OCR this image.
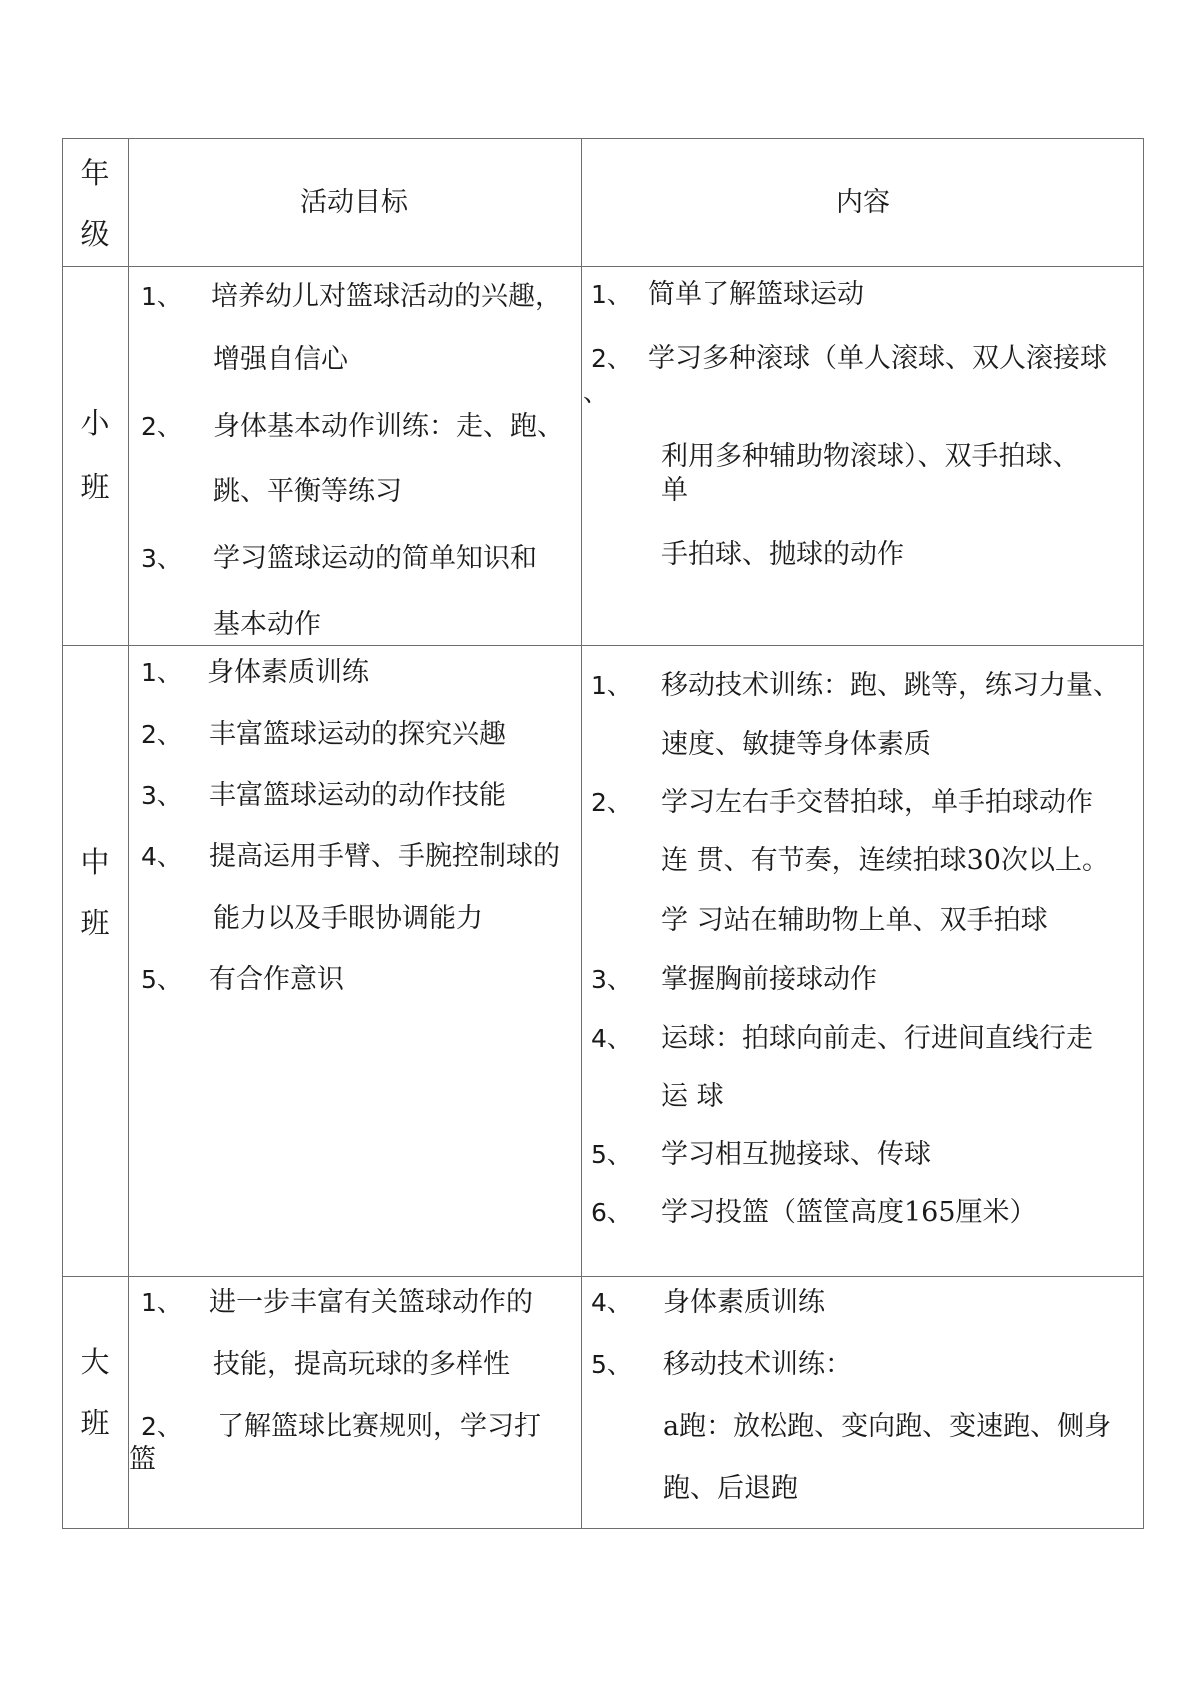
年
级
活动目标	内容
小
班
1、 培养幼儿对篮球活动的兴趣，
增强自信心
2、 身体基本动作训练：走、跑、
跳、平衡等练习
3、 学习篮球运动的简单知识和
基本动作
1、 简单了解篮球运动
2、 学习多种滚球（单人滚球、双人滚接球
、
利用多种辅助物滚球）、双手拍球、
单
手拍球、抛球的动作
中
班
1、 身体素质训练
2、 丰富篮球运动的探究兴趣
3、 丰富篮球运动的动作技能
4、 提高运用手臂、手腕控制球的
能力以及手眼协调能力
5、 有合作意识
1、 移动技术训练：跑、跳等，练习力量、
速度、敏捷等身体素质
2、 学习左右手交替拍球，单手拍球动作
连 贯、有节奏，连续拍球30次以上。
学 习站在辅助物上单、双手拍球
3、 掌握胸前接球动作
4、 运球：拍球向前走、行进间直线行走
运 球
5、 学习相互抛接球、传球
6、 学习投篮（篮筐高度165厘米）
大
班
1、 进一步丰富有关篮球动作的
技能，提高玩球的多样性
2、 了解篮球比赛规则，学习打
篮
4、 身体素质训练
5、 移动技术训练：
a跑：放松跑、变向跑、变速跑、侧身
跑、后退跑
